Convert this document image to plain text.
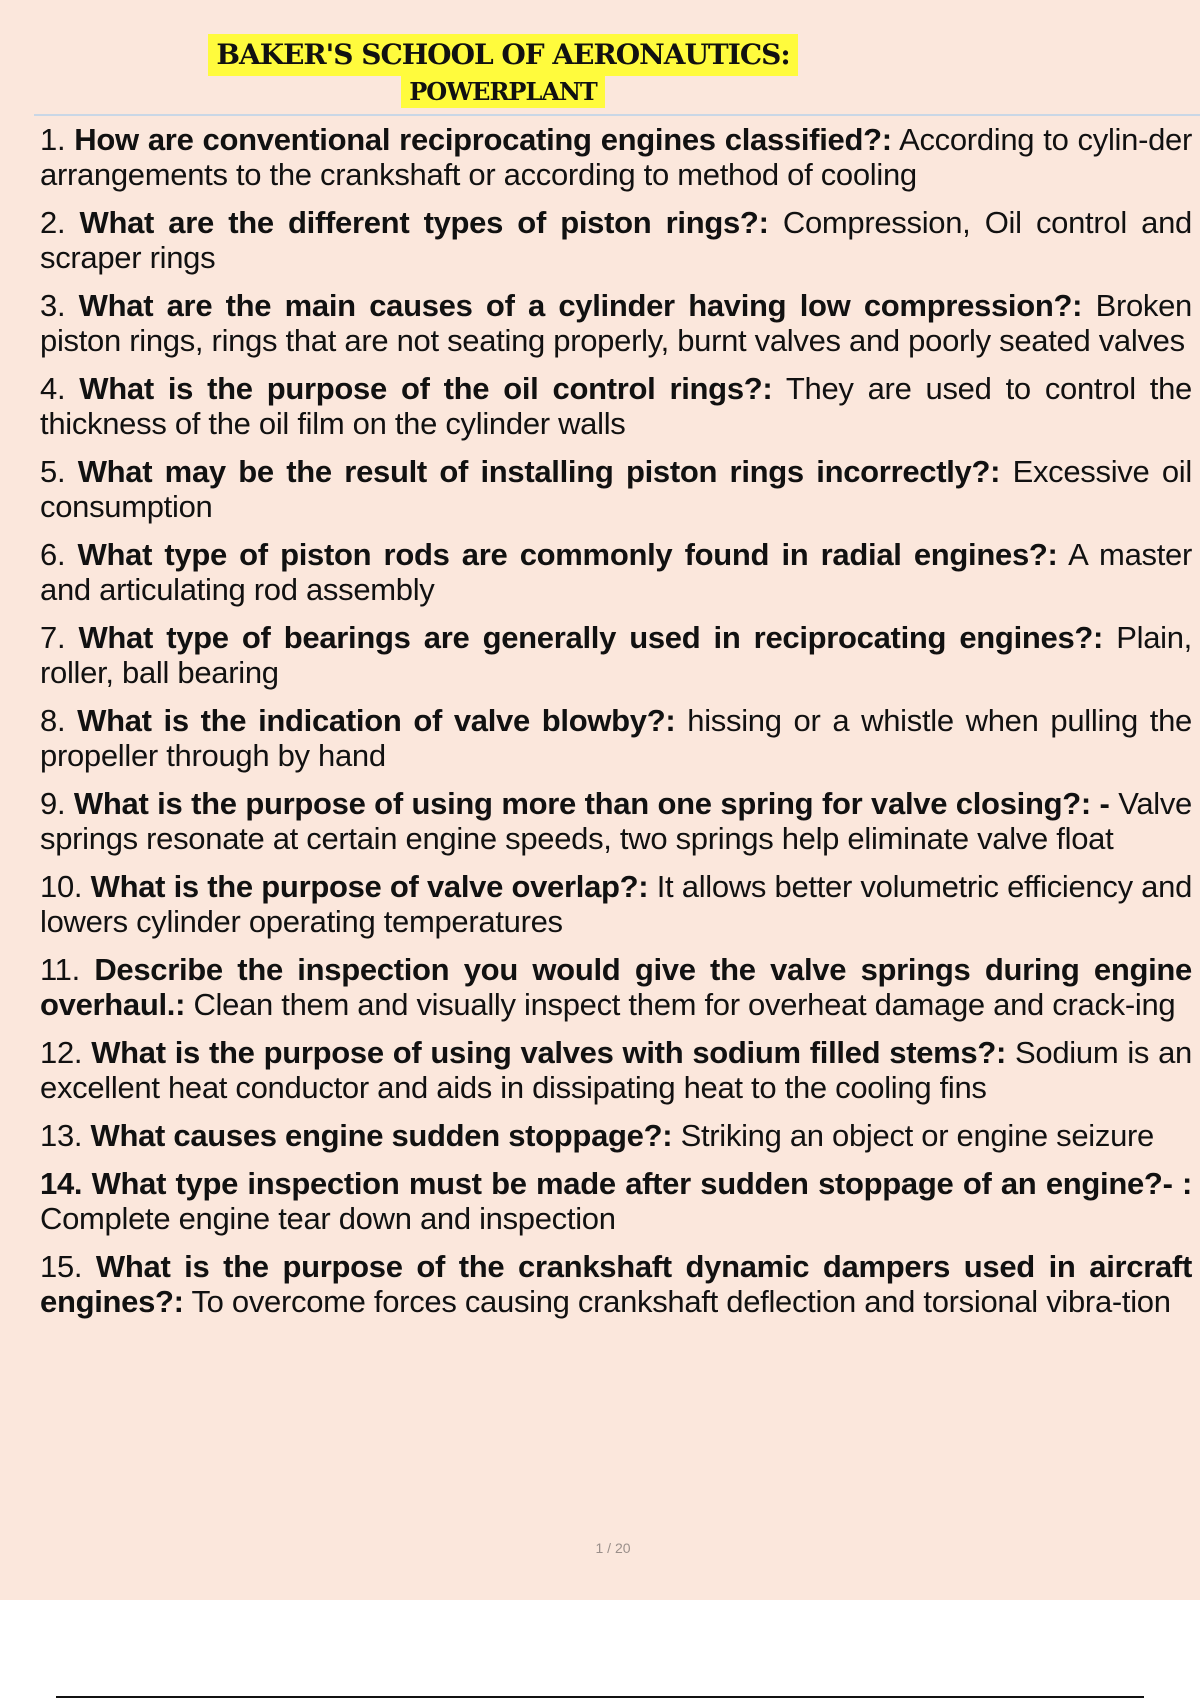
BAKER'S SCHOOL OF AERONAUTICS:
POWERPLANT
1. How are conventional reciprocating engines classified?: According to cylin-der arrangements to the crankshaft or according to method of cooling
2. What are the different types of piston rings?: Compression, Oil control and scraper rings
3. What are the main causes of a cylinder having low compression?: Broken piston rings, rings that are not seating properly, burnt valves and poorly seated valves
4. What is the purpose of the oil control rings?: They are used to control the thickness of the oil film on the cylinder walls
5. What may be the result of installing piston rings incorrectly?: Excessive oil consumption
6. What type of piston rods are commonly found in radial engines?: A master and articulating rod assembly
7. What type of bearings are generally used in reciprocating engines?: Plain, roller, ball bearing
8. What is the indication of valve blowby?: hissing or a whistle when pulling the propeller through by hand
9. What is the purpose of using more than one spring for valve closing?: - Valve springs resonate at certain engine speeds, two springs help eliminate valve float
10. What is the purpose of valve overlap?: It allows better volumetric efficiency and lowers cylinder operating temperatures
11. Describe the inspection you would give the valve springs during engine overhaul.: Clean them and visually inspect them for overheat damage and crack-ing
12. What is the purpose of using valves with sodium filled stems?: Sodium is an excellent heat conductor and aids in dissipating heat to the cooling fins
13. What causes engine sudden stoppage?: Striking an object or engine seizure
14. What type inspection must be made after sudden stoppage of an engine?- : Complete engine tear down and inspection
15. What is the purpose of the crankshaft dynamic dampers used in aircraft engines?: To overcome forces causing crankshaft deflection and torsional vibra-tion
1 / 20
